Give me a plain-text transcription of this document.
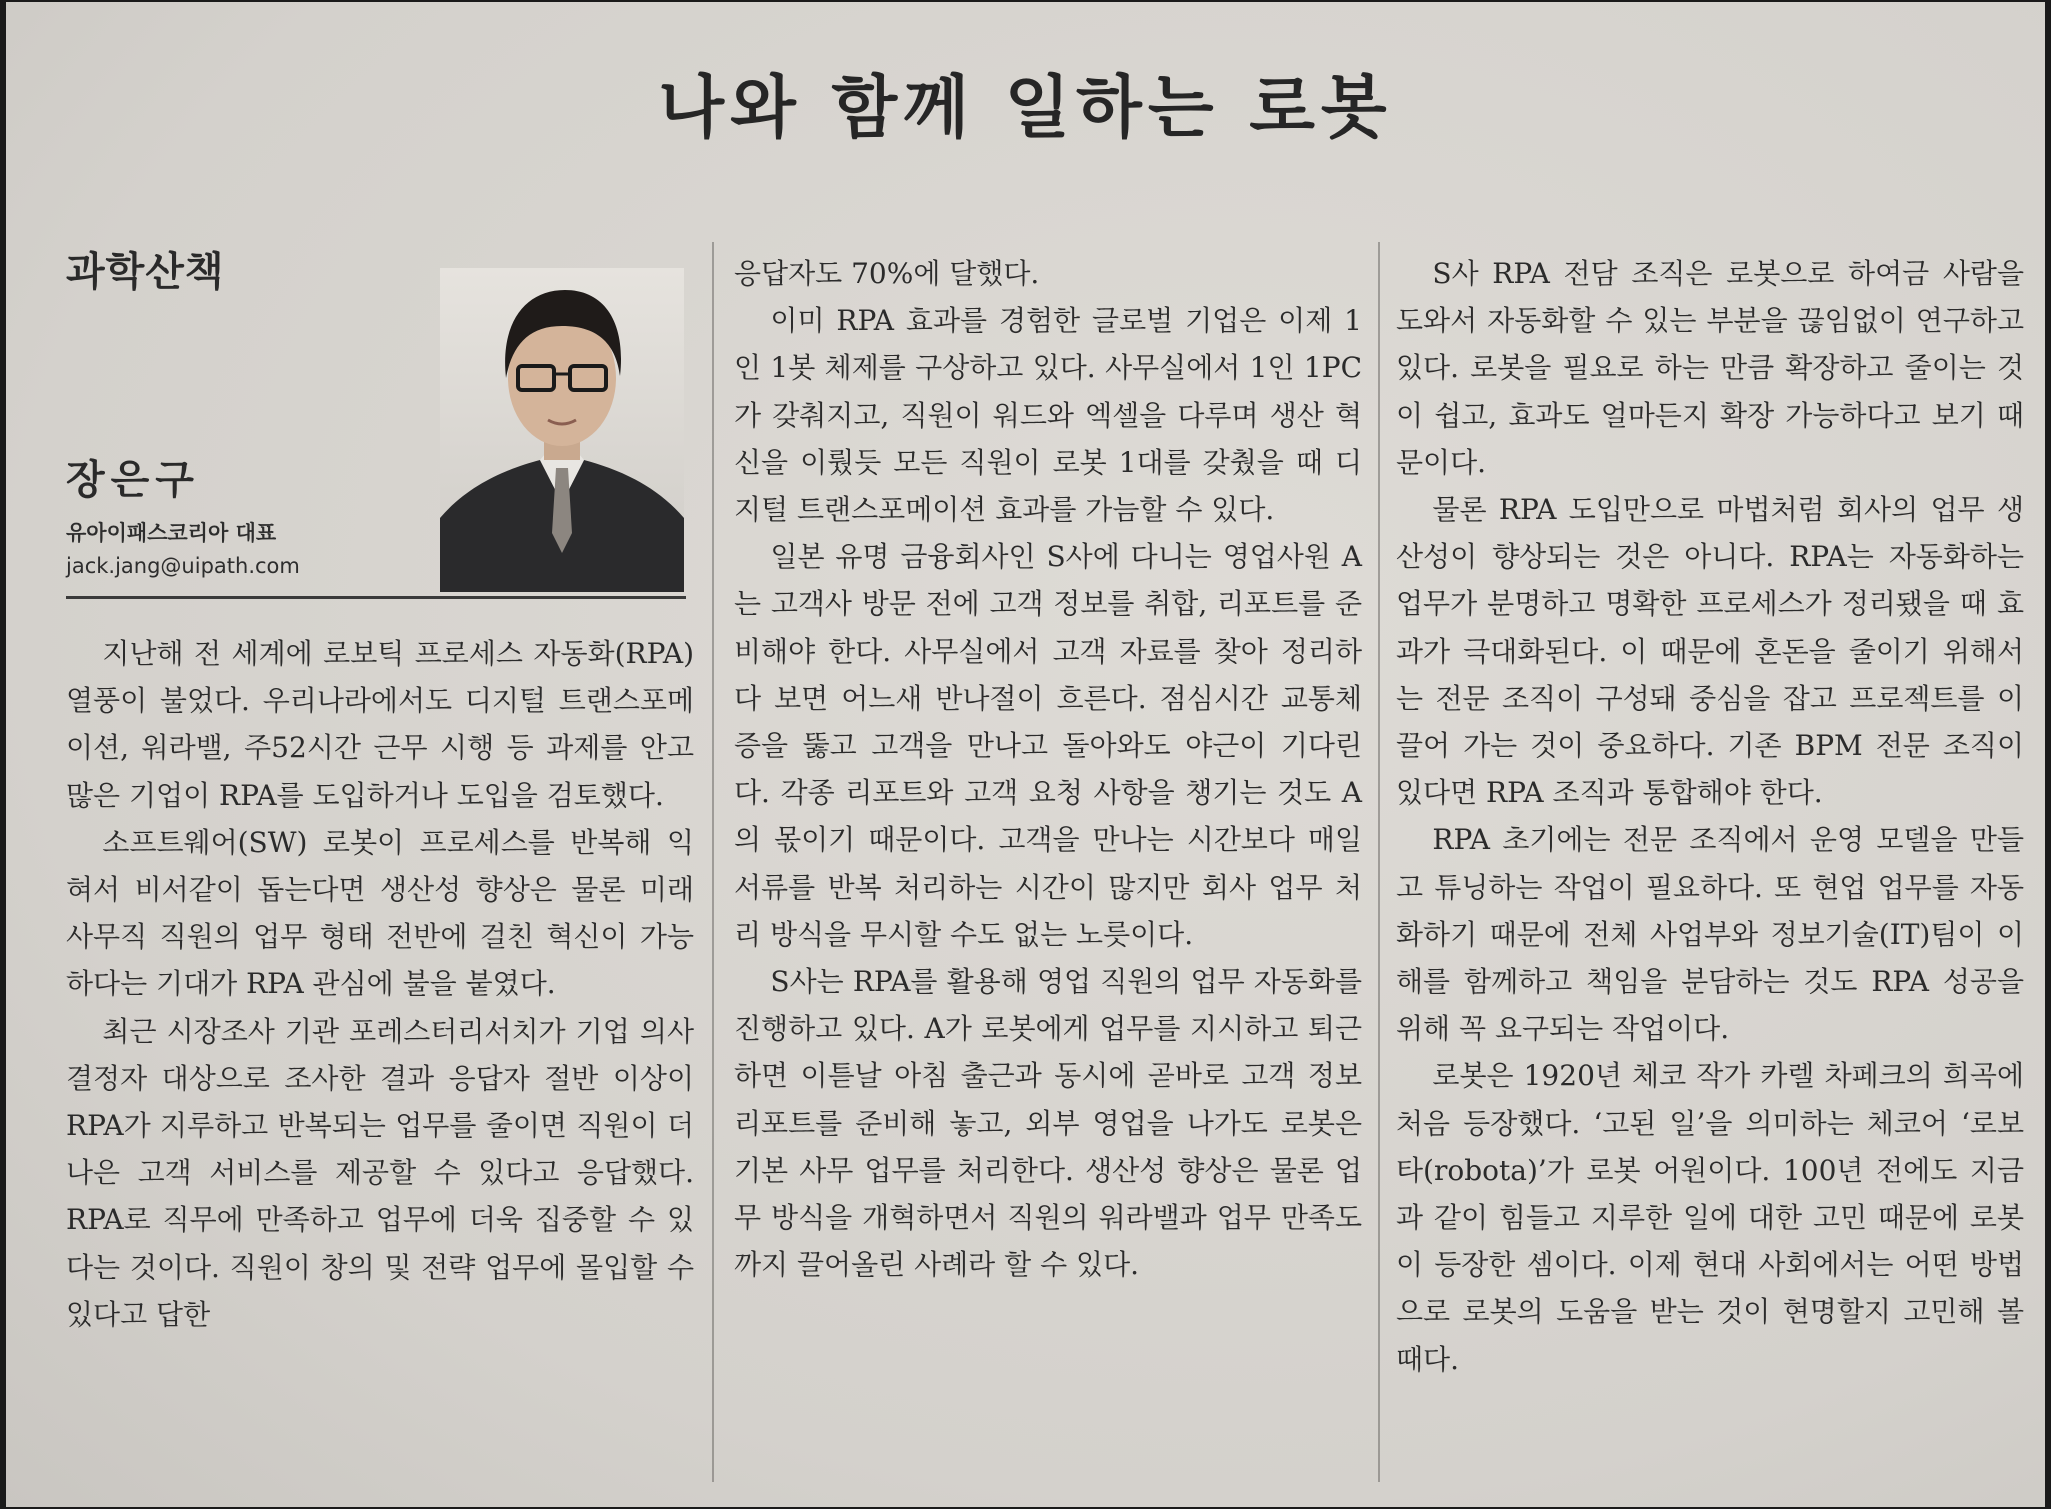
나와 함께 일하는 로봇
과학산책
장은구
유아이패스코리아 대표
jack.jang@uipath.com

지난해 전 세계에 로보틱 프로세스 자동화(RPA) 열풍이 불었다. 우리나라에서도 디지털 트랜스포메이션, 워라밸, 주52시간 근무 시행 등 과제를 안고 많은 기업이 RPA를 도입하거나 도입을 검토했다.

소프트웨어(SW) 로봇이 프로세스를 반복해 익혀서 비서같이 돕는다면 생산성 향상은 물론 미래 사무직 직원의 업무 형태 전반에 걸친 혁신이 가능하다는 기대가 RPA 관심에 불을 붙였다.

최근 시장조사 기관 포레스터리서치가 기업 의사결정자 대상으로 조사한 결과 응답자 절반 이상이 RPA가 지루하고 반복되는 업무를 줄이면 직원이 더 나은 고객 서비스를 제공할 수 있다고 응답했다. RPA로 직무에 만족하고 업무에 더욱 집중할 수 있다는 것이다. 직원이 창의 및 전략 업무에 몰입할 수 있다고 답한

응답자도 70%에 달했다.

이미 RPA 효과를 경험한 글로벌 기업은 이제 1인 1봇 체제를 구상하고 있다. 사무실에서 1인 1PC가 갖춰지고, 직원이 워드와 엑셀을 다루며 생산 혁신을 이뤘듯 모든 직원이 로봇 1대를 갖췄을 때 디지털 트랜스포메이션 효과를 가늠할 수 있다.

일본 유명 금융회사인 S사에 다니는 영업사원 A는 고객사 방문 전에 고객 정보를 취합, 리포트를 준비해야 한다. 사무실에서 고객 자료를 찾아 정리하다 보면 어느새 반나절이 흐른다. 점심시간 교통체증을 뚫고 고객을 만나고 돌아와도 야근이 기다린다. 각종 리포트와 고객 요청 사항을 챙기는 것도 A의 몫이기 때문이다. 고객을 만나는 시간보다 매일 서류를 반복 처리하는 시간이 많지만 회사 업무 처리 방식을 무시할 수도 없는 노릇이다.

S사는 RPA를 활용해 영업 직원의 업무 자동화를 진행하고 있다. A가 로봇에게 업무를 지시하고 퇴근하면 이튿날 아침 출근과 동시에 곧바로 고객 정보 리포트를 준비해 놓고, 외부 영업을 나가도 로봇은 기본 사무 업무를 처리한다. 생산성 향상은 물론 업무 방식을 개혁하면서 직원의 워라밸과 업무 만족도까지 끌어올린 사례라 할 수 있다.

S사 RPA 전담 조직은 로봇으로 하여금 사람을 도와서 자동화할 수 있는 부분을 끊임없이 연구하고 있다. 로봇을 필요로 하는 만큼 확장하고 줄이는 것이 쉽고, 효과도 얼마든지 확장 가능하다고 보기 때문이다.

물론 RPA 도입만으로 마법처럼 회사의 업무 생산성이 향상되는 것은 아니다. RPA는 자동화하는 업무가 분명하고 명확한 프로세스가 정리됐을 때 효과가 극대화된다. 이 때문에 혼돈을 줄이기 위해서는 전문 조직이 구성돼 중심을 잡고 프로젝트를 이끌어 가는 것이 중요하다. 기존 BPM 전문 조직이 있다면 RPA 조직과 통합해야 한다.

RPA 초기에는 전문 조직에서 운영 모델을 만들고 튜닝하는 작업이 필요하다. 또 현업 업무를 자동화하기 때문에 전체 사업부와 정보기술(IT)팀이 이해를 함께하고 책임을 분담하는 것도 RPA 성공을 위해 꼭 요구되는 작업이다.

로봇은 1920년 체코 작가 카렐 차페크의 희곡에 처음 등장했다. ‘고된 일’을 의미하는 체코어 ‘로보타(robota)’가 로봇 어원이다. 100년 전에도 지금과 같이 힘들고 지루한 일에 대한 고민 때문에 로봇이 등장한 셈이다. 이제 현대 사회에서는 어떤 방법으로 로봇의 도움을 받는 것이 현명할지 고민해 볼 때다.
